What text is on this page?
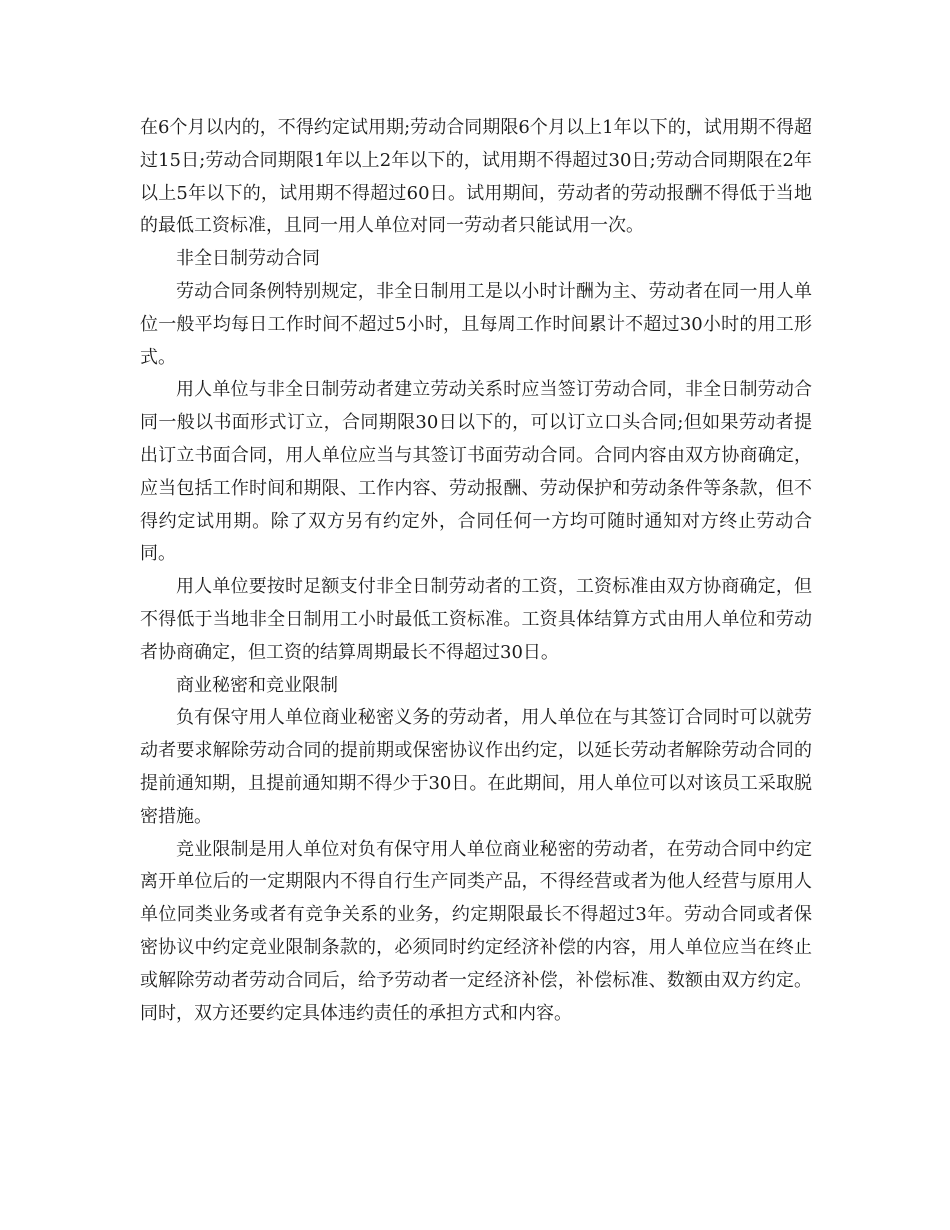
在6个月以内的，不得约定试用期;劳动合同期限6个月以上1年以下的，试用期不得超过15日;劳动合同期限1年以上2年以下的，试用期不得超过30日;劳动合同期限在2年以上5年以下的，试用期不得超过60日。试用期间，劳动者的劳动报酬不得低于当地的最低工资标准，且同一用人单位对同一劳动者只能试用一次。

非全日制劳动合同

劳动合同条例特别规定，非全日制用工是以小时计酬为主、劳动者在同一用人单位一般平均每日工作时间不超过5小时，且每周工作时间累计不超过30小时的用工形式。

用人单位与非全日制劳动者建立劳动关系时应当签订劳动合同，非全日制劳动合同一般以书面形式订立，合同期限30日以下的，可以订立口头合同;但如果劳动者提出订立书面合同，用人单位应当与其签订书面劳动合同。合同内容由双方协商确定，应当包括工作时间和期限、工作内容、劳动报酬、劳动保护和劳动条件等条款，但不得约定试用期。除了双方另有约定外，合同任何一方均可随时通知对方终止劳动合同。

用人单位要按时足额支付非全日制劳动者的工资，工资标准由双方协商确定，但不得低于当地非全日制用工小时最低工资标准。工资具体结算方式由用人单位和劳动者协商确定，但工资的结算周期最长不得超过30日。

商业秘密和竞业限制

负有保守用人单位商业秘密义务的劳动者，用人单位在与其签订合同时可以就劳动者要求解除劳动合同的提前期或保密协议作出约定，以延长劳动者解除劳动合同的提前通知期，且提前通知期不得少于30日。在此期间，用人单位可以对该员工采取脱密措施。

竞业限制是用人单位对负有保守用人单位商业秘密的劳动者，在劳动合同中约定离开单位后的一定期限内不得自行生产同类产品，不得经营或者为他人经营与原用人单位同类业务或者有竞争关系的业务，约定期限最长不得超过3年。劳动合同或者保密协议中约定竞业限制条款的，必须同时约定经济补偿的内容，用人单位应当在终止或解除劳动者劳动合同后，给予劳动者一定经济补偿，补偿标准、数额由双方约定。同时，双方还要约定具体违约责任的承担方式和内容。
